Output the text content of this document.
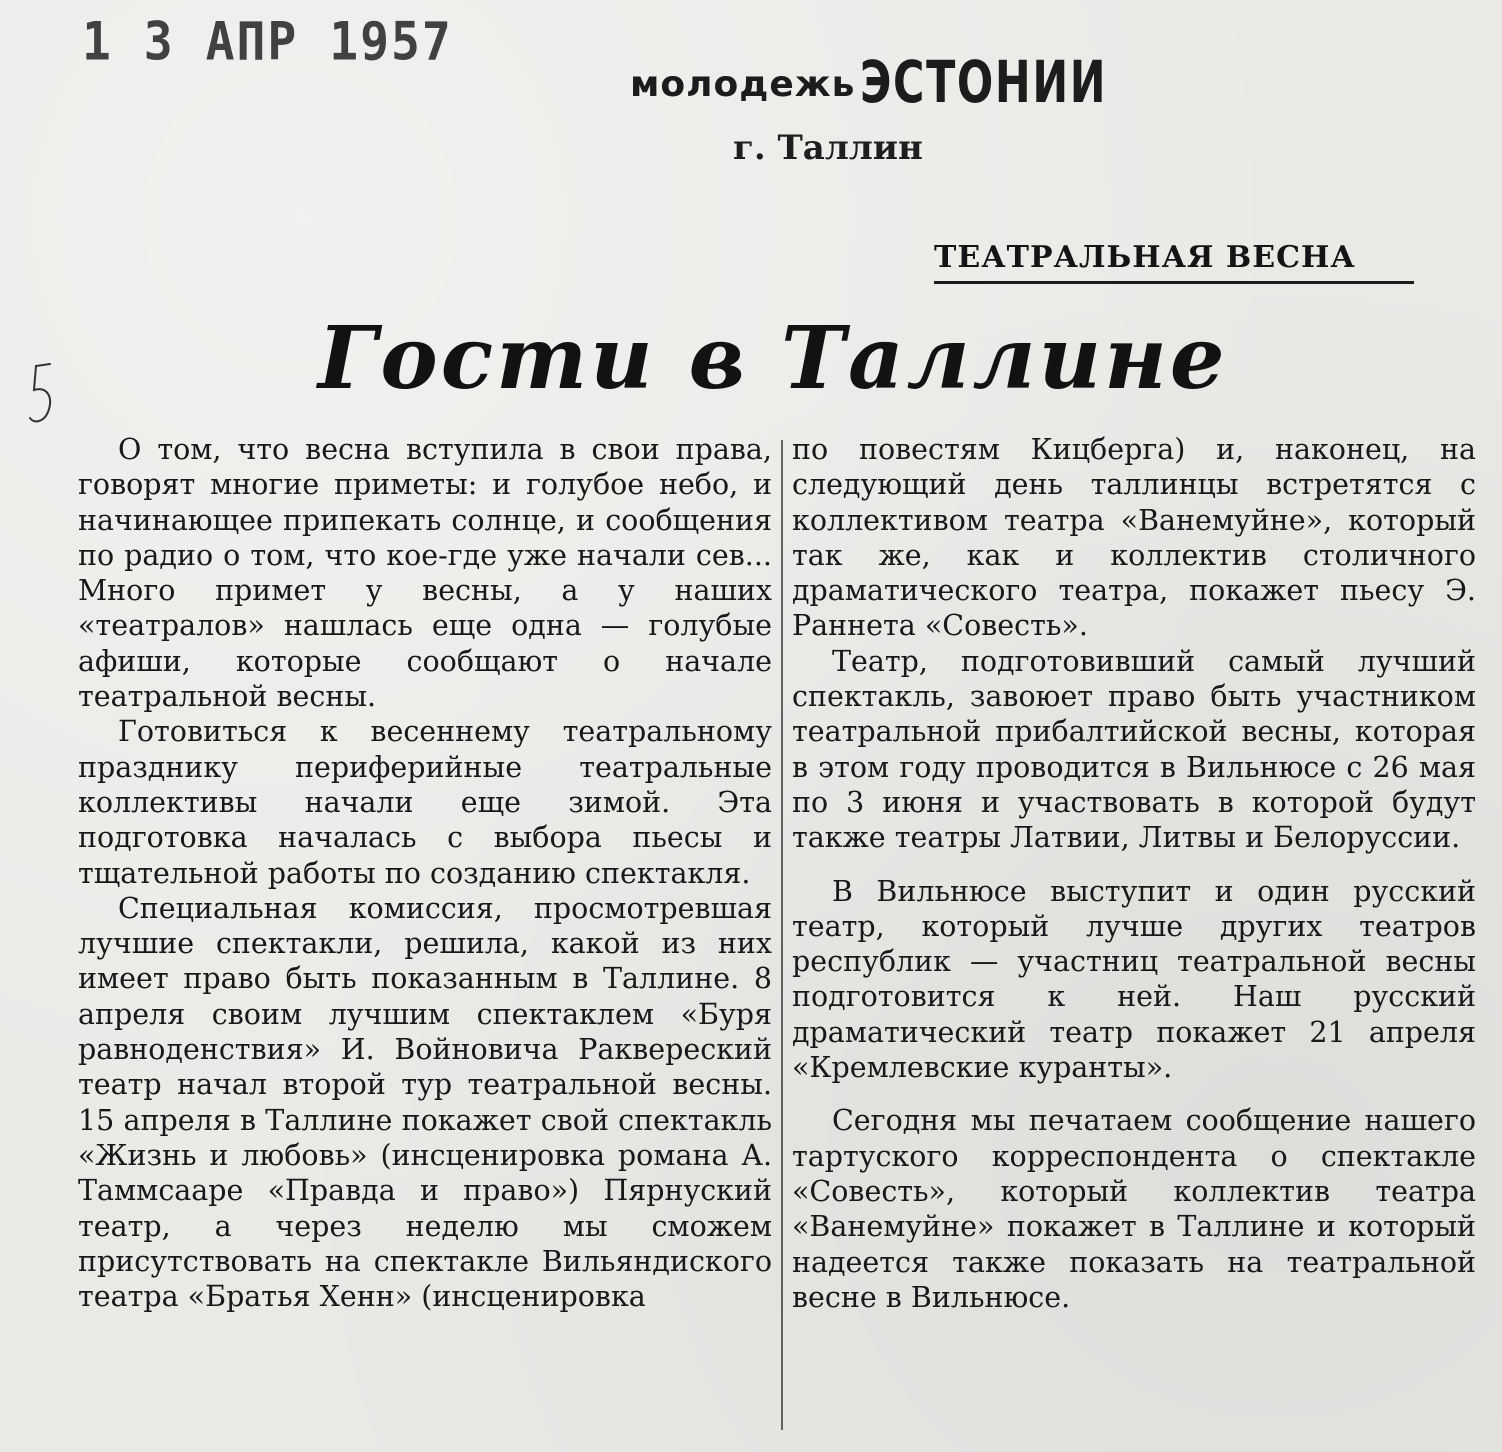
1 3 АПР 1957
молодежь ЭСТОНИИ
г. Таллин
ТЕАТРАЛЬНАЯ ВЕСНА
Гости в Таллине

О том, что весна вступила в свои права, говорят многие приметы: и голубое небо, и начинающее припекать солнце, и сообщения по радио о том, что кое-где уже начали сев... Много примет у весны, а у наших «театралов» нашлась еще одна — голубые афиши, которые сообщают о начале театральной весны.

Готовиться к весеннему театральному празднику периферийные театральные коллективы начали еще зимой. Эта подготовка началась с выбора пьесы и тщательной работы по созданию спектакля.

Специальная комиссия, просмотревшая лучшие спектакли, решила, какой из них имеет право быть показанным в Таллине. 8 апреля своим лучшим спектаклем «Буря равноденствия» И. Войновича Раквереский театр начал второй тур театральной весны. 15 апреля в Таллине покажет свой спектакль «Жизнь и любовь» (инсценировка романа А. Таммсааре «Правда и право») Пярнуский театр, а через неделю мы сможем присутствовать на спектакле Вильяндиского театра «Братья Хенн» (инсценировка

по повестям Кицберга) и, наконец, на следующий день таллинцы встретятся с коллективом театра «Ванемуйне», который так же, как и коллектив столичного драматического театра, покажет пьесу Э. Раннета «Совесть».

Театр, подготовивший самый лучший спектакль, завоюет право быть участником театральной прибалтийской весны, которая в этом году проводится в Вильнюсе с 26 мая по 3 июня и участвовать в которой будут также театры Латвии, Литвы и Белоруссии.

В Вильнюсе выступит и один русский театр, который лучше других театров республик — участниц театральной весны подготовится к ней. Наш русский драматический театр покажет 21 апреля «Кремлевские куранты».

Сегодня мы печатаем сообщение нашего тартуского корреспондента о спектакле «Совесть», который коллектив театра «Ванемуйне» покажет в Таллине и который надеется также показать на театральной весне в Вильнюсе.
